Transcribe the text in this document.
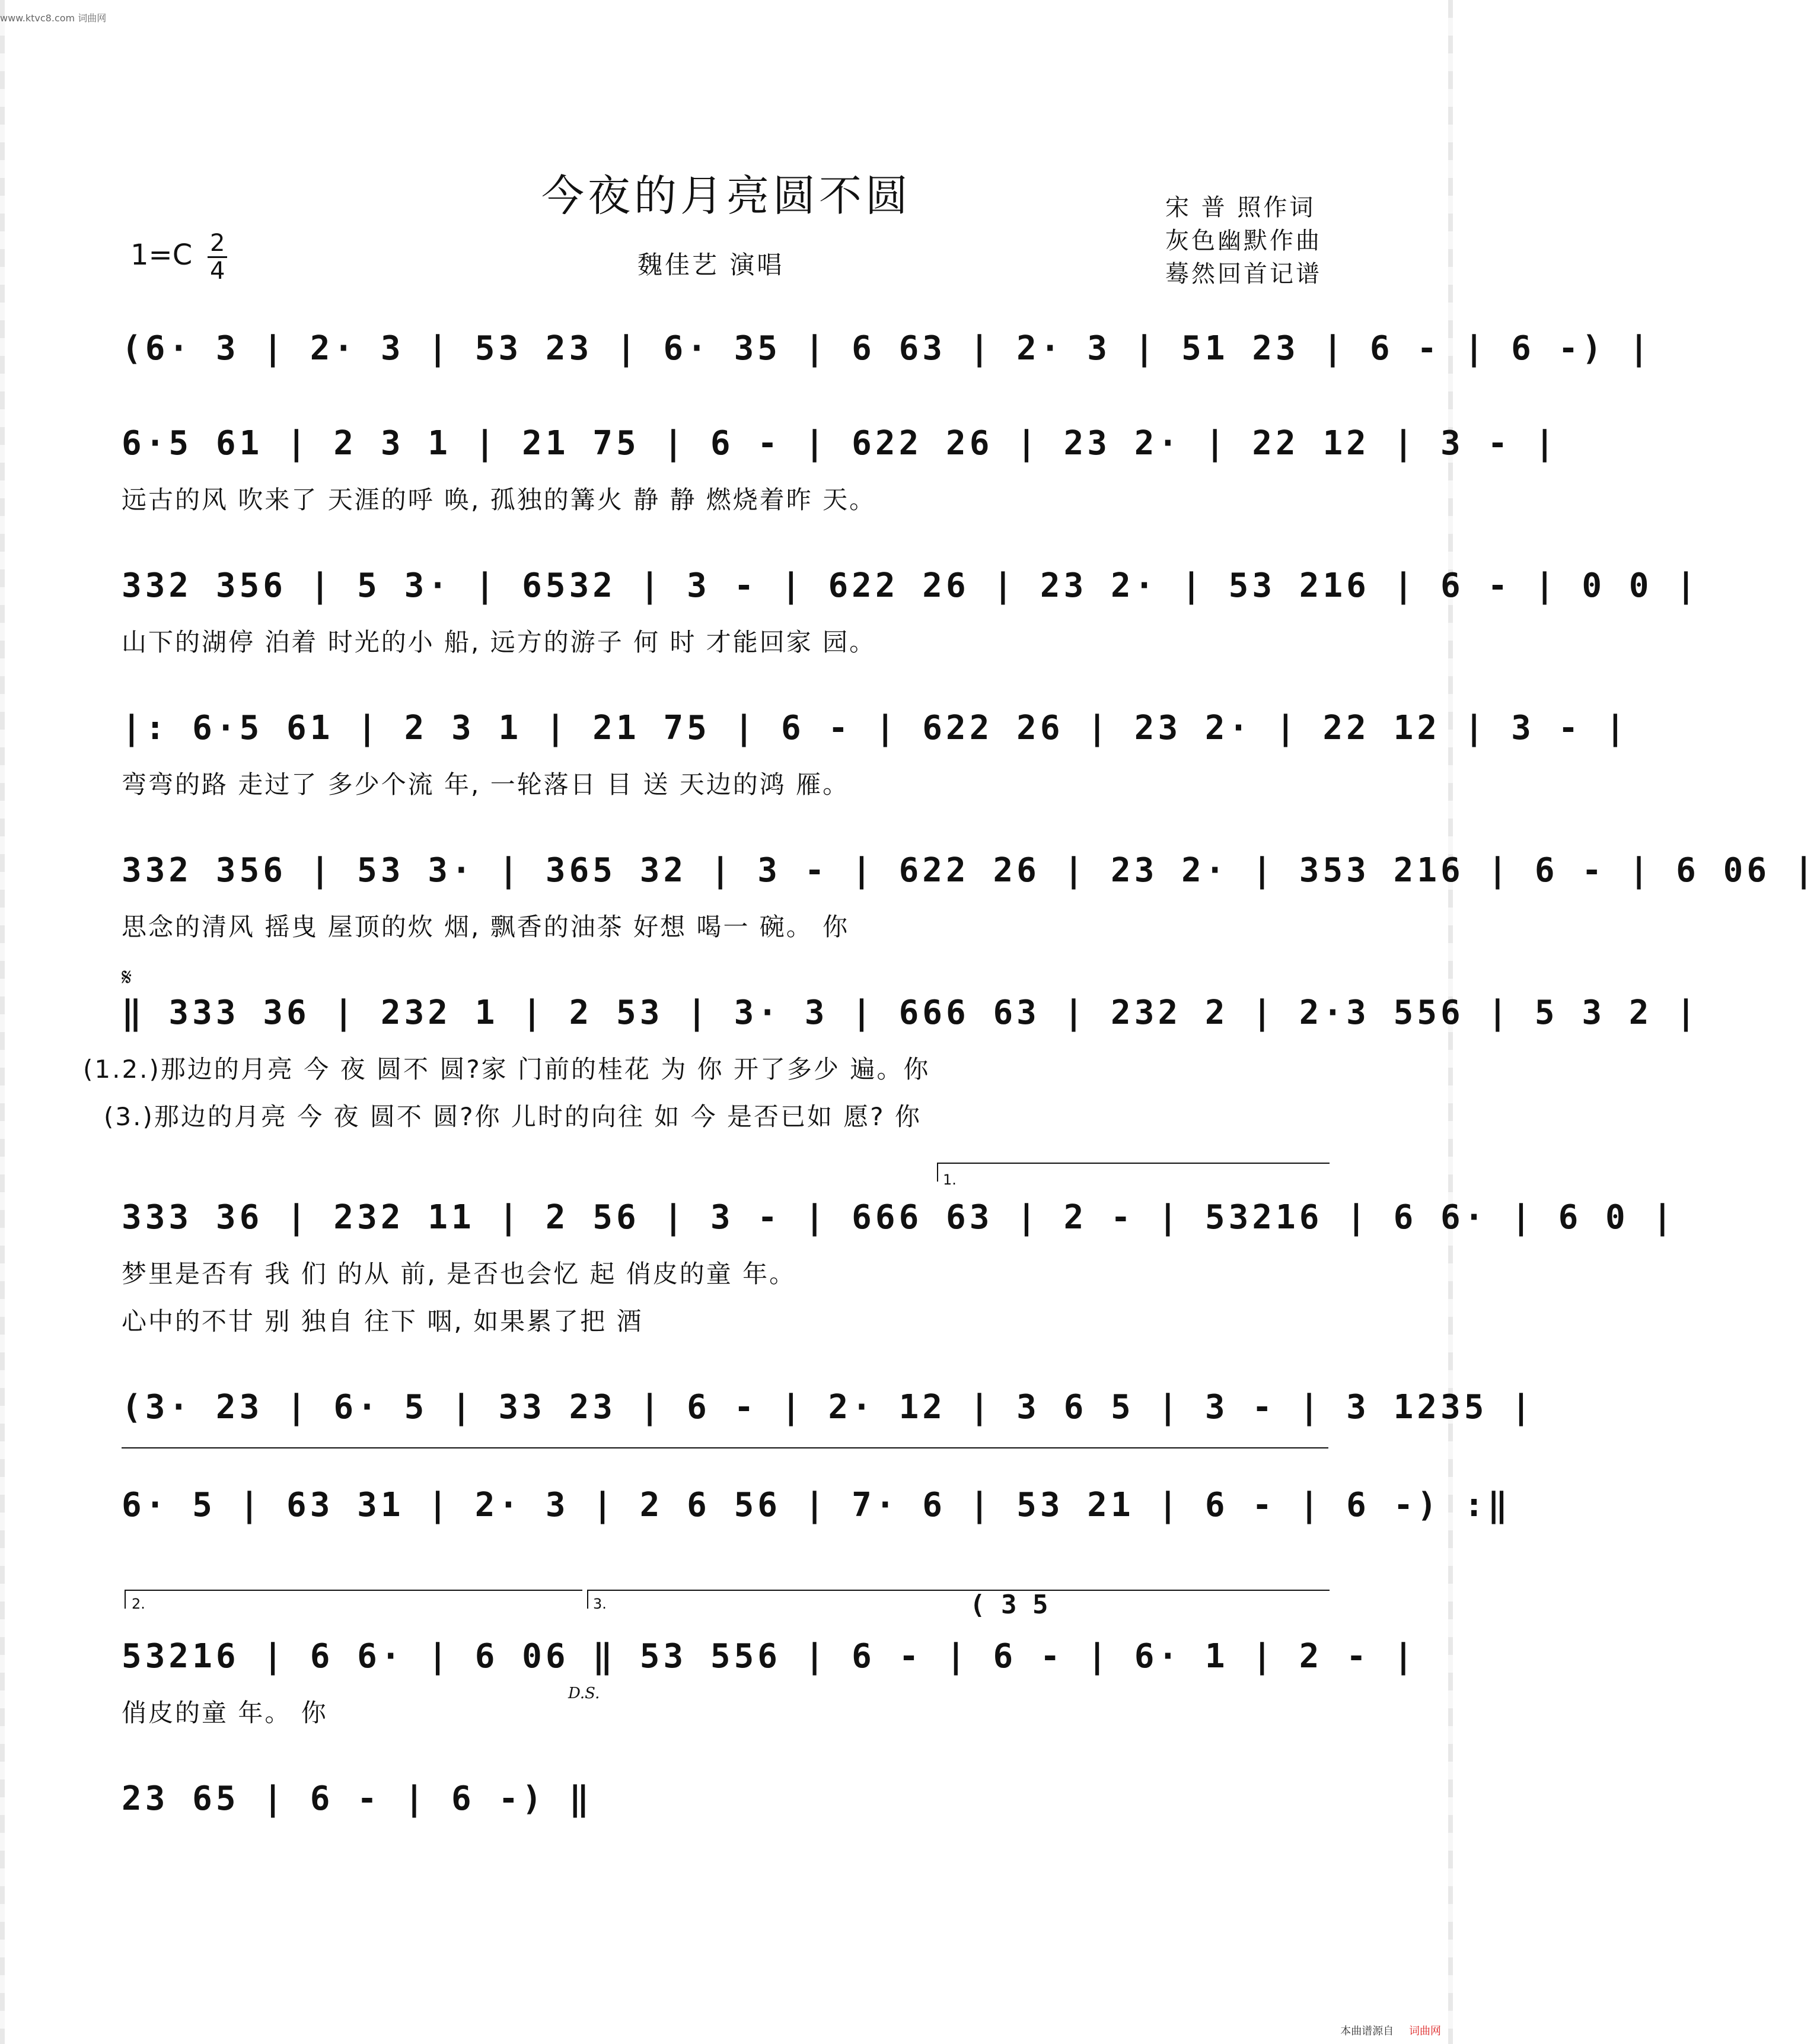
www.ktvc8.com 词曲网
今夜的月亮圆不圆	宋 普 照作词
灰色幽默作曲
蓦然回首记谱
魏佳艺 演唱
1=C 2
4
(6· 3 | 2· 3 | 53 23 | 6· 35 | 6 63 | 2· 3 | 51 23 | 6 - | 6 -) |
6·5 61 | 2 3 1 | 21 75 | 6 - | 622 26 | 23 2· | 22 12 | 3 - |
远古的风 吹来了 天涯的呼 唤, 孤独的篝火 静 静 燃烧着昨 天。
332 356 | 5 3· | 6532 | 3 - | 622 26 | 23 2· | 53 216 | 6 - | 0 0 |
山下的湖停 泊着 时光的小 船, 远方的游子 何 时 才能回家 园。
|: 6·5 61 | 2 3 1 | 21 75 | 6 - | 622 26 | 23 2· | 22 12 | 3 - |
弯弯的路 走过了 多少个流 年, 一轮落日 目 送 天边的鸿 雁。
332 356 | 53 3· | 365 32 | 3 - | 622 26 | 23 2· | 353 216 | 6 - | 6 06 |
思念的清风 摇曳 屋顶的炊 烟, 飘香的油茶 好想 喝一 碗。 你
𝄋
‖ 333 36 | 232 1 | 2 53 | 3· 3 | 666 63 | 232 2 | 2·3 556 | 5 3 2 |
(1.2.)那边的月亮 今 夜 圆不 圆?家 门前的桂花 为 你 开了多少 遍。你
(3.)那边的月亮 今 夜 圆不 圆?你 儿时的向往 如 今 是否已如 愿? 你
1.
333 36 | 232 11 | 2 56 | 3 - | 666 63 | 2 - | 53216 | 6 6· | 6 0 |
梦里是否有 我 们 的从 前, 是否也会忆 起 俏皮的童 年。
心中的不甘 别 独自 往下 咽, 如果累了把 酒
(3· 23 | 6· 5 | 33 23 | 6 - | 2· 12 | 3 6 5 | 3 - | 3 1235 |
6· 5 | 63 31 | 2· 3 | 2 6 56 | 7· 6 | 53 21 | 6 - | 6 -) :‖
2.	3.	( 3 5
53216 | 6 6· | 6 06 ‖ 53 556 | 6 - | 6 - | 6· 1 | 2 - |
俏皮的童 年。 你
D.S.
23 65 | 6 - | 6 -) ‖
本曲谱源自 词曲网
